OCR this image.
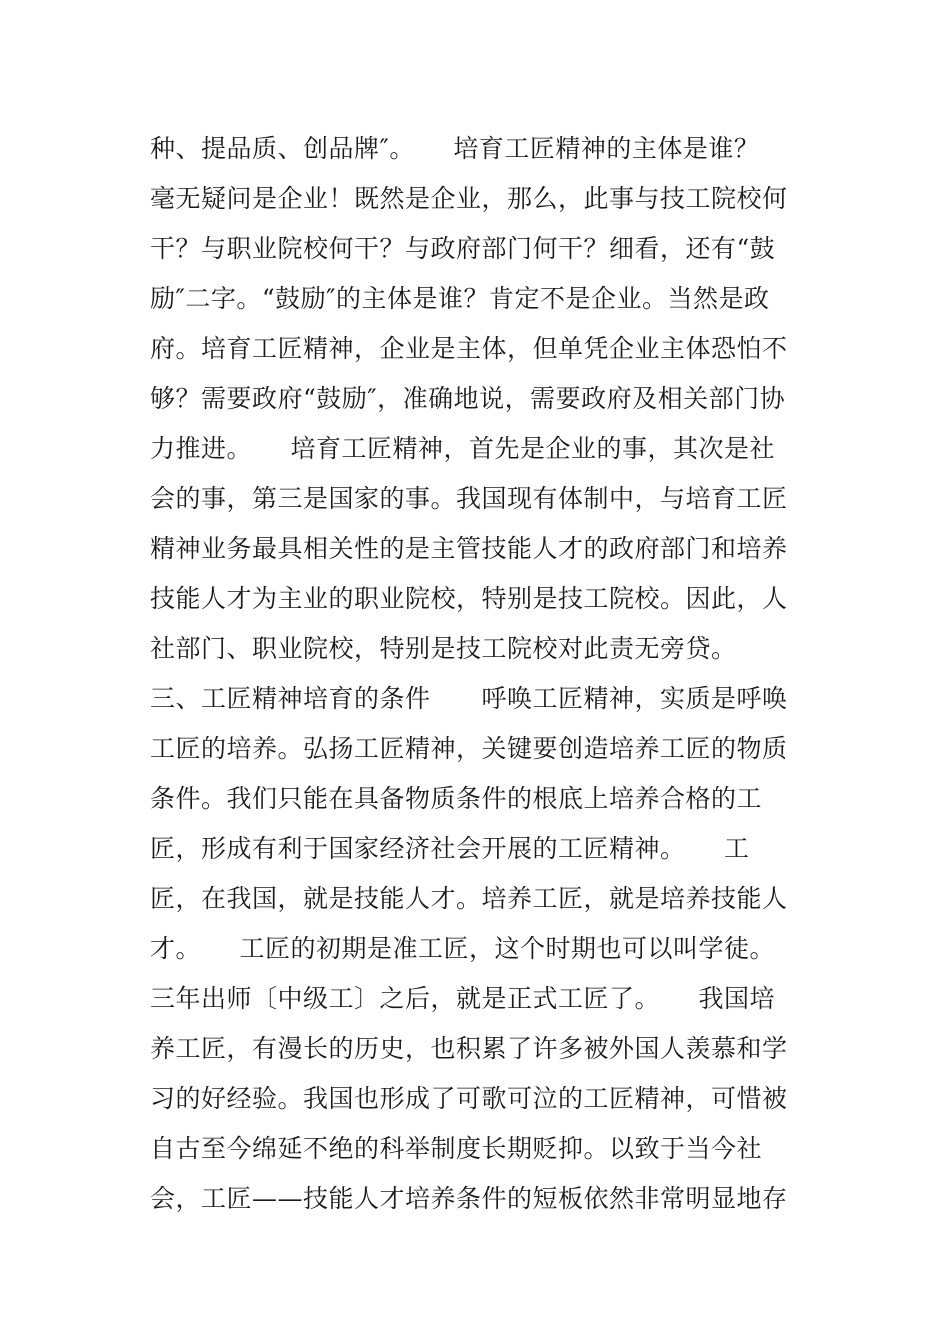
种、提品质、创品牌″。　　培育工匠精神的主体是谁？
毫无疑问是企业！既然是企业，那么，此事与技工院校何
干？与职业院校何干？与政府部门何干？细看，还有“鼓
励″二字。“鼓励″的主体是谁？肯定不是企业。当然是政
府。培育工匠精神，企业是主体，但单凭企业主体恐怕不
够？需要政府“鼓励″，准确地说，需要政府及相关部门协
力推进。　　培育工匠精神，首先是企业的事，其次是社
会的事，第三是国家的事。我国现有体制中，与培育工匠
精神业务最具相关性的是主管技能人才的政府部门和培养
技能人才为主业的职业院校，特别是技工院校。因此，人
社部门、职业院校，特别是技工院校对此责无旁贷。
三、工匠精神培育的条件　　呼唤工匠精神，实质是呼唤
工匠的培养。弘扬工匠精神，关键要创造培养工匠的物质
条件。我们只能在具备物质条件的根底上培养合格的工
匠，形成有利于国家经济社会开展的工匠精神。　　工
匠，在我国，就是技能人才。培养工匠，就是培养技能人
才。　　工匠的初期是准工匠，这个时期也可以叫学徒。
三年出师〔中级工〕之后，就是正式工匠了。　　我国培
养工匠，有漫长的历史，也积累了许多被外国人羡慕和学
习的好经验。我国也形成了可歌可泣的工匠精神，可惜被
自古至今绵延不绝的科举制度长期贬抑。以致于当今社
会，工匠——技能人才培养条件的短板依然非常明显地存
